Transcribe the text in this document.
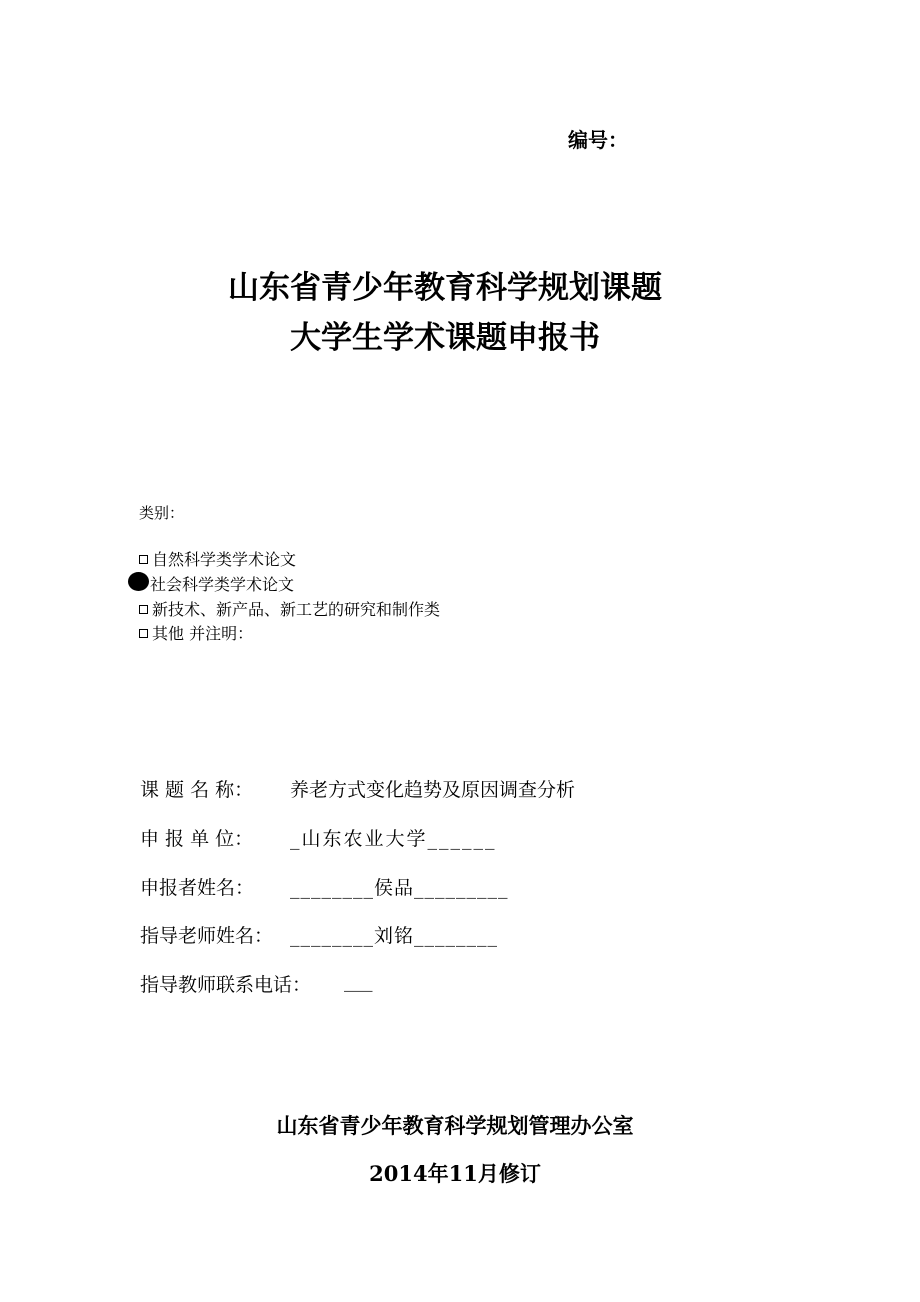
编号：
山东省青少年教育科学规划课题
大学生学术课题申报书
类别：
自然科学类学术论文
社会科学类学术论文
新技术、新产品、新工艺的研究和制作类
其他 并注明：
课 题 名 称：	养老方式变化趋势及原因调查分析
申 报 单 位：	_山东农业大学______
申报者姓名：	________侯品_________
指导老师姓名： ________刘铭________
指导教师联系电话：	___
山东省青少年教育科学规划管理办公室
2014年11月修订
